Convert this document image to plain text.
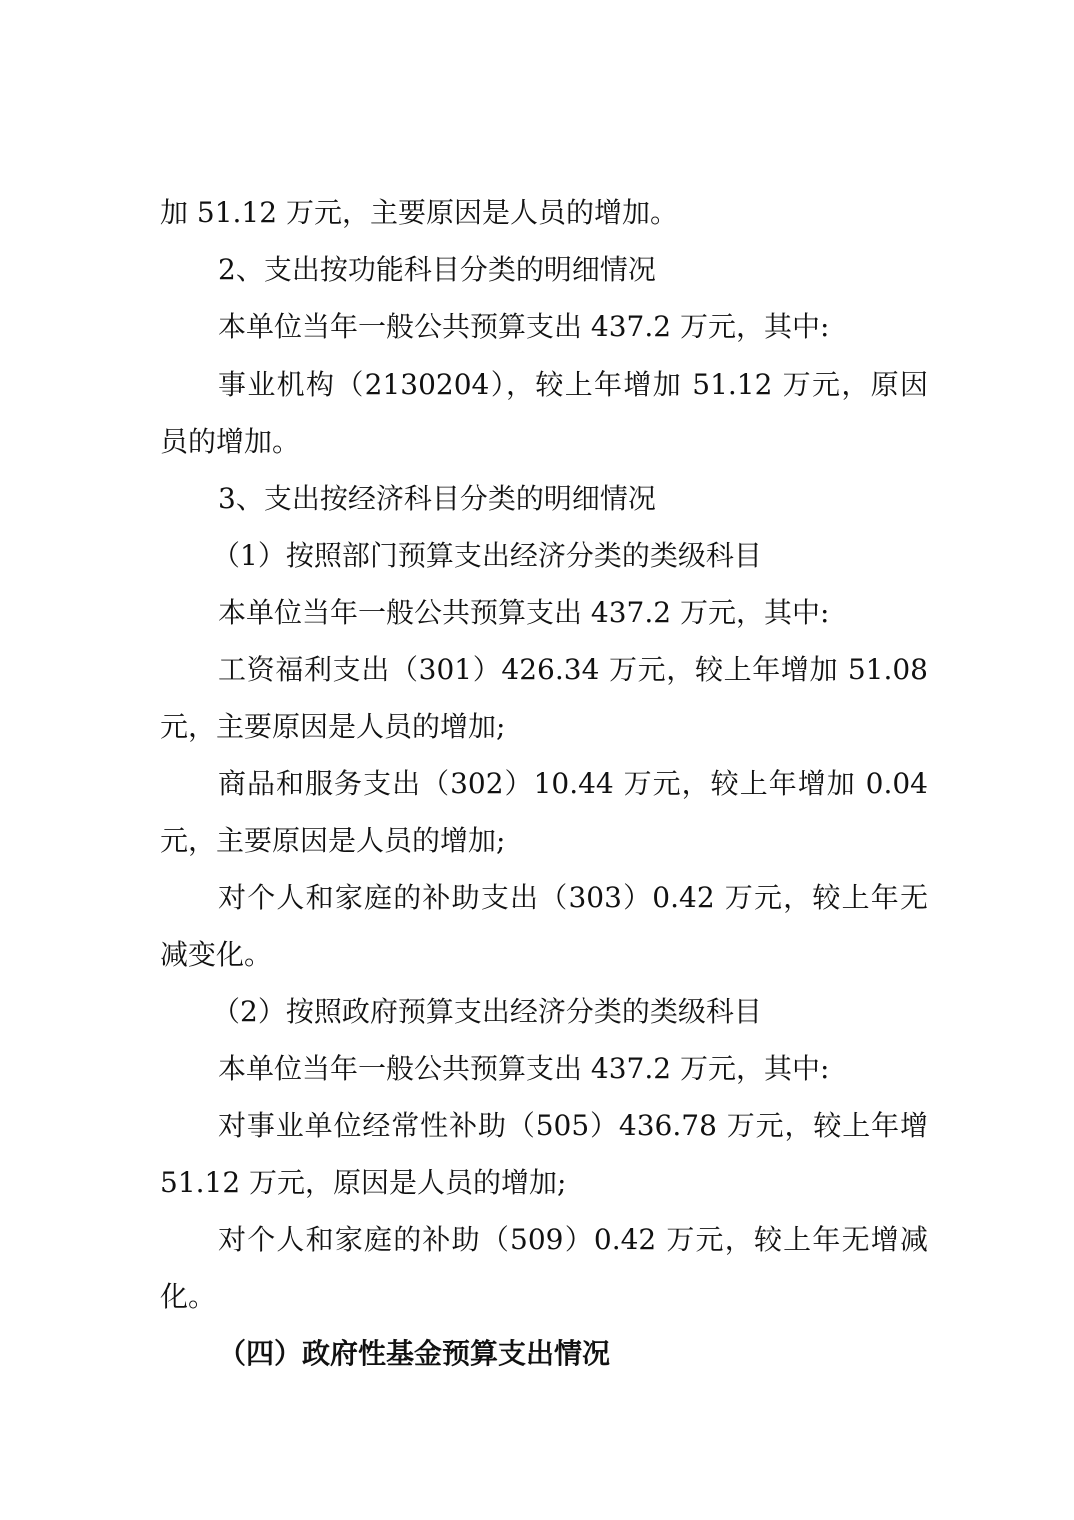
加 51.12 万元，主要原因是人员的增加。
2、支出按功能科目分类的明细情况
本单位当年一般公共预算支出 437.2 万元，其中:
事业机构（2130204），较上年增加 51.12 万元，原因
员的增加。
3、支出按经济科目分类的明细情况
（1）按照部门预算支出经济分类的类级科目
本单位当年一般公共预算支出 437.2 万元，其中:
工资福利支出（301）426.34 万元，较上年增加 51.08
元，主要原因是人员的增加;
商品和服务支出（302）10.44 万元，较上年增加 0.04
元，主要原因是人员的增加;
对个人和家庭的补助支出（303）0.42 万元，较上年无
减变化。
（2）按照政府预算支出经济分类的类级科目
本单位当年一般公共预算支出 437.2 万元，其中:
对事业单位经常性补助（505）436.78 万元，较上年增
51.12 万元，原因是人员的增加;
对个人和家庭的补助（509）0.42 万元，较上年无增减
化。
（四）政府性基金预算支出情况
